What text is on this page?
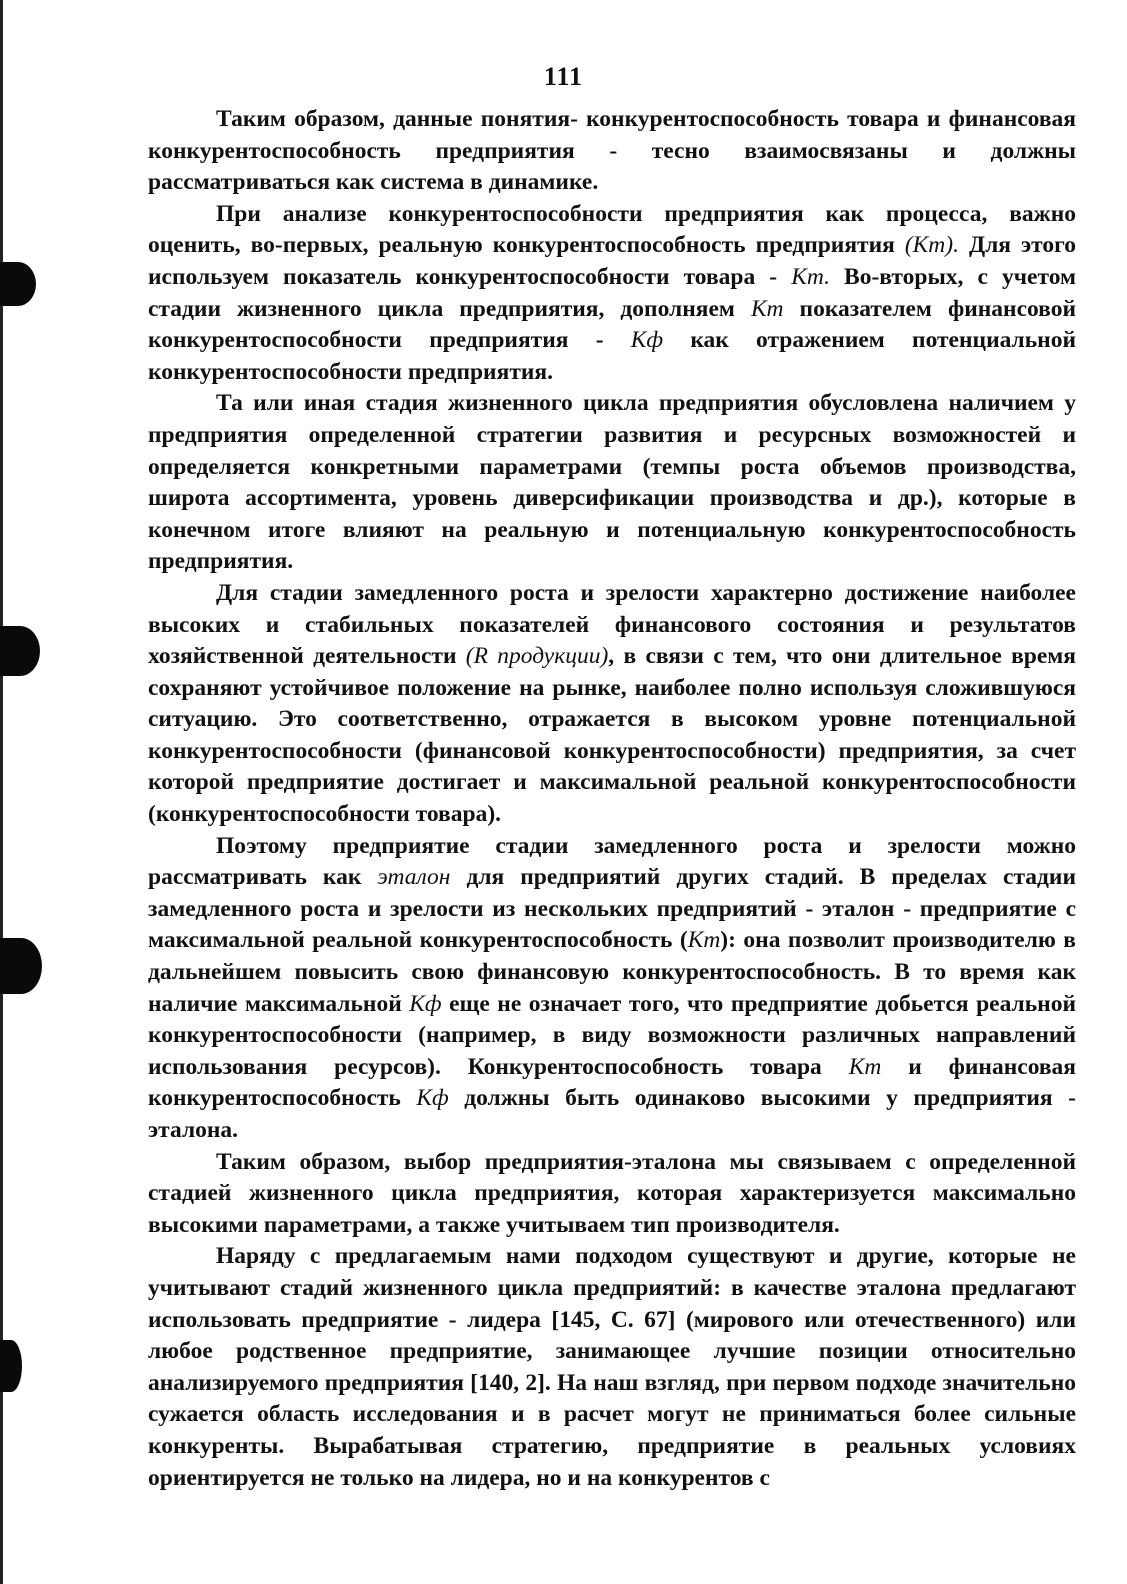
111

Таким образом, данные понятия- конкурентоспособность товара и финансовая конкурентоспособность предприятия - тесно взаимосвязаны и должны рассматриваться как система в динамике.

При анализе конкурентоспособности предприятия как процесса, важно оценить, во-первых, реальную конкурентоспособность предприятия (Кт). Для этого используем показатель конкурентоспособности товара - Кт. Во-вторых, с учетом стадии жизненного цикла предприятия, дополняем Кт показателем финансовой конкурентоспособности предприятия - Кф как отражением потенциальной конкурентоспособности предприятия.

Та или иная стадия жизненного цикла предприятия обусловлена наличием у предприятия определенной стратегии развития и ресурсных возможностей и определяется конкретными параметрами (темпы роста объемов производства, широта ассортимента, уровень диверсификации производства и др.), которые в конечном итоге влияют на реальную и потенциальную конкурентоспособность предприятия.

Для стадии замедленного роста и зрелости характерно достижение наиболее высоких и стабильных показателей финансового состояния и результатов хозяйственной деятельности (R продукции), в связи с тем, что они длительное время сохраняют устойчивое положение на рынке, наиболее полно используя сложившуюся ситуацию. Это соответственно, отражается в высоком уровне потенциальной конкурентоспособности (финансовой конкурентоспособности) предприятия, за счет которой предприятие достигает и максимальной реальной конкурентоспособности (конкурентоспособности товара).

Поэтому предприятие стадии замедленного роста и зрелости можно рассматривать как эталон для предприятий других стадий. В пределах стадии замедленного роста и зрелости из нескольких предприятий - эталон - предприятие с максимальной реальной конкурентоспособность (Кт): она позволит производителю в дальнейшем повысить свою финансовую конкурентоспособность. В то время как наличие максимальной Кф еще не означает того, что предприятие добьется реальной конкурентоспособности (например, в виду возможности различных направлений использования ресурсов). Конкурентоспособность товара Кт и финансовая конкурентоспособность Кф должны быть одинаково высокими у предприятия - эталона.

Таким образом, выбор предприятия-эталона мы связываем с определенной стадией жизненного цикла предприятия, которая характеризуется максимально высокими параметрами, а также учитываем тип производителя.

Наряду с предлагаемым нами подходом существуют и другие, которые не учитывают стадий жизненного цикла предприятий: в качестве эталона предлагают использовать предприятие - лидера [145, С. 67] (мирового или отечественного) или любое родственное предприятие, занимающее лучшие позиции относительно анализируемого предприятия [140, 2]. На наш взгляд, при первом подходе значительно сужается область исследования и в расчет могут не приниматься более сильные конкуренты. Вырабатывая стратегию, предприятие в реальных условиях ориентируется не только на лидера, но и на конкурентов с
